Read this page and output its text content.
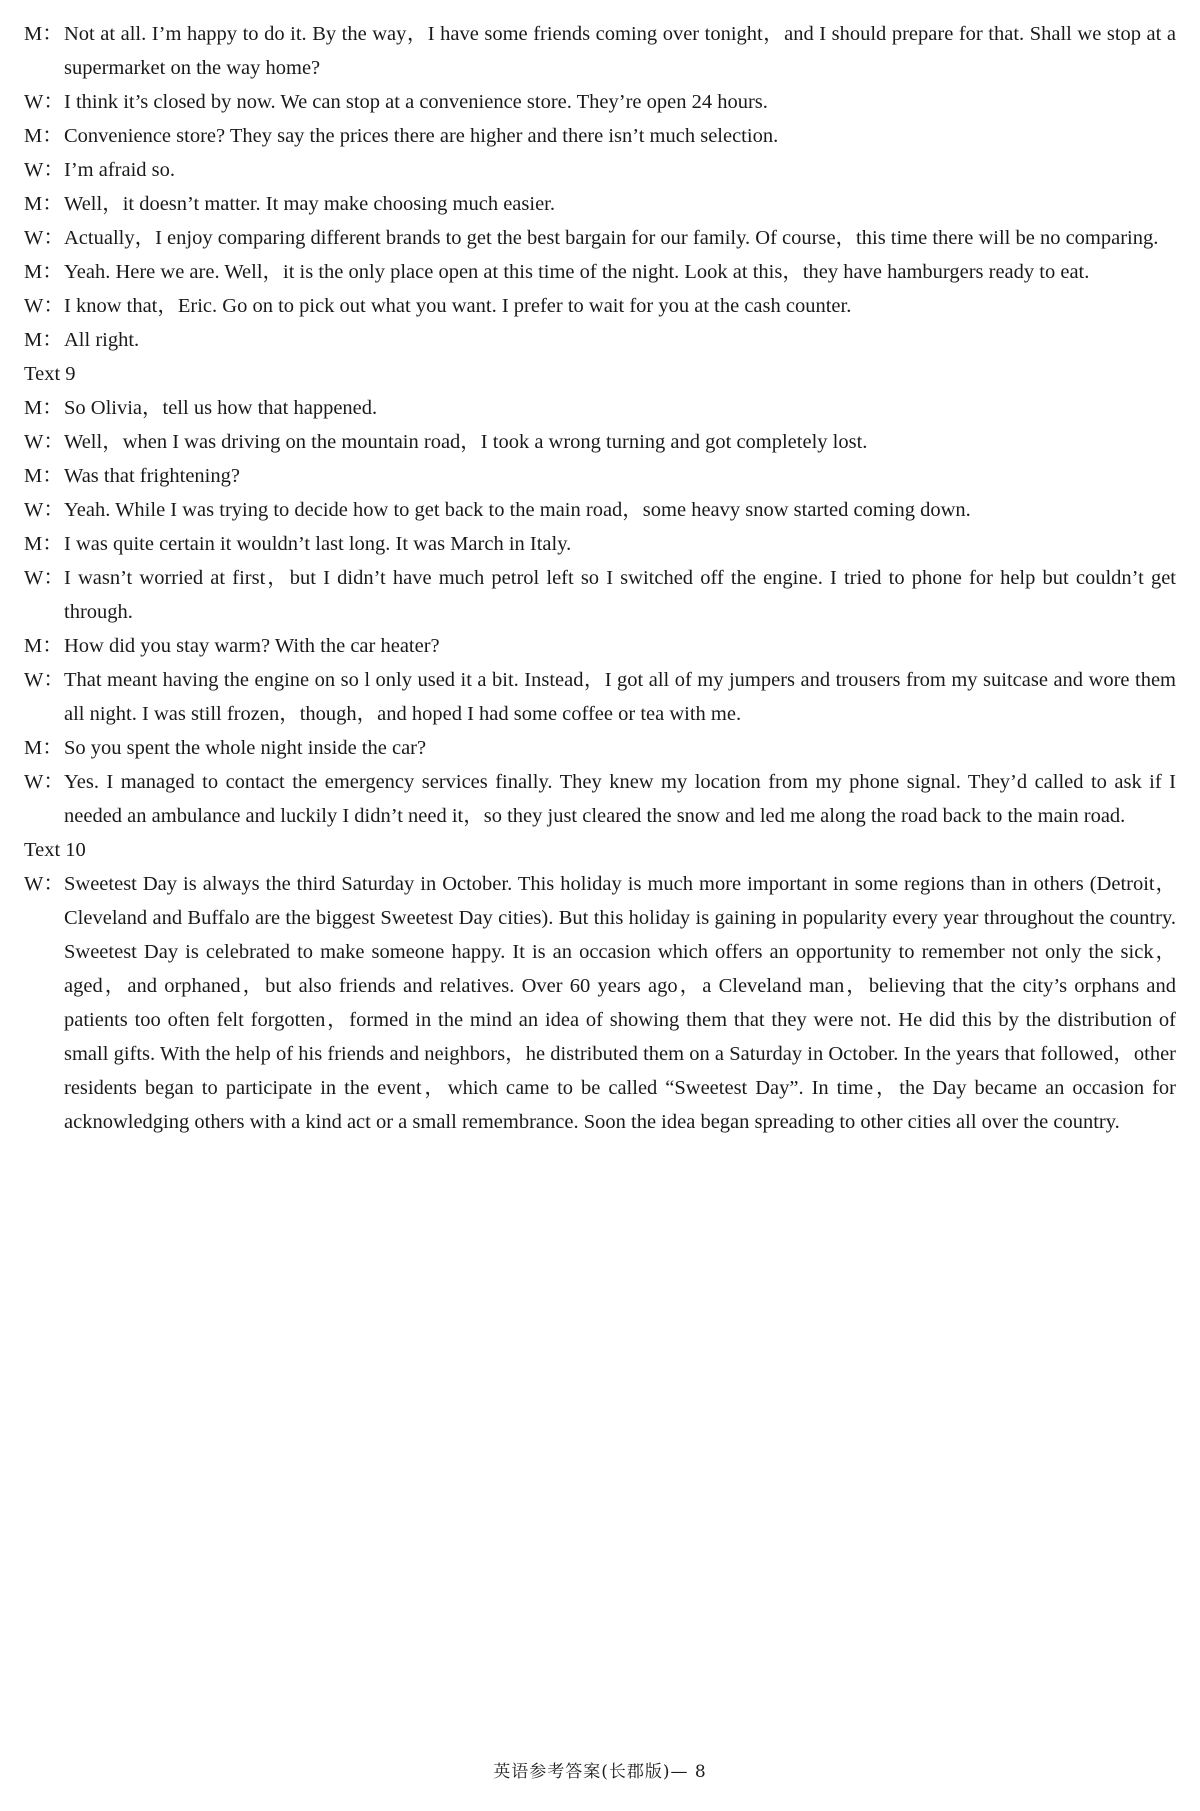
M： Not at all. I’m happy to do it. By the way，I have some friends coming over tonight，and I should prepare for that. Shall we stop at a supermarket on the way home?
W： I think it’s closed by now. We can stop at a convenience store. They’re open 24 hours.
M： Convenience store? They say the prices there are higher and there isn’t much selection.
W： I’m afraid so.
M： Well，it doesn’t matter. It may make choosing much easier.
W： Actually，I enjoy comparing different brands to get the best bargain for our family. Of course，this time there will be no comparing.
M： Yeah. Here we are. Well，it is the only place open at this time of the night. Look at this，they have hamburgers ready to eat.
W： I know that，Eric. Go on to pick out what you want. I prefer to wait for you at the cash counter.
M： All right.
Text 9
M： So Olivia，tell us how that happened.
W： Well，when I was driving on the mountain road，I took a wrong turning and got completely lost.
M： Was that frightening?
W： Yeah. While I was trying to decide how to get back to the main road，some heavy snow started coming down.
M： I was quite certain it wouldn’t last long. It was March in Italy.
W： I wasn’t worried at first，but I didn’t have much petrol left so I switched off the engine. I tried to phone for help but couldn’t get through.
M： How did you stay warm? With the car heater?
W： That meant having the engine on so l only used it a bit. Instead，I got all of my jumpers and trousers from my suitcase and wore them all night. I was still frozen，though，and hoped I had some coffee or tea with me.
M： So you spent the whole night inside the car?
W： Yes. I managed to contact the emergency services finally. They knew my location from my phone signal. They’d called to ask if I needed an ambulance and luckily I didn’t need it，so they just cleared the snow and led me along the road back to the main road.
Text 10
W： Sweetest Day is always the third Saturday in October. This holiday is much more important in some regions than in others (Detroit，Cleveland and Buffalo are the biggest Sweetest Day cities). But this holiday is gaining in popularity every year throughout the country. Sweetest Day is celebrated to make someone happy. It is an occasion which offers an opportunity to remember not only the sick，aged，and orphaned，but also friends and relatives. Over 60 years ago，a Cleveland man，believing that the city’s orphans and patients too often felt forgotten，formed in the mind an idea of showing them that they were not. He did this by the distribution of small gifts. With the help of his friends and neighbors，he distributed them on a Saturday in October. In the years that followed，other residents began to participate in the event，which came to be called “Sweetest Day”. In time，the Day became an occasion for acknowledging others with a kind act or a small remembrance. Soon the idea began spreading to other cities all over the country.
英语参考答案(长郡版)— 8
